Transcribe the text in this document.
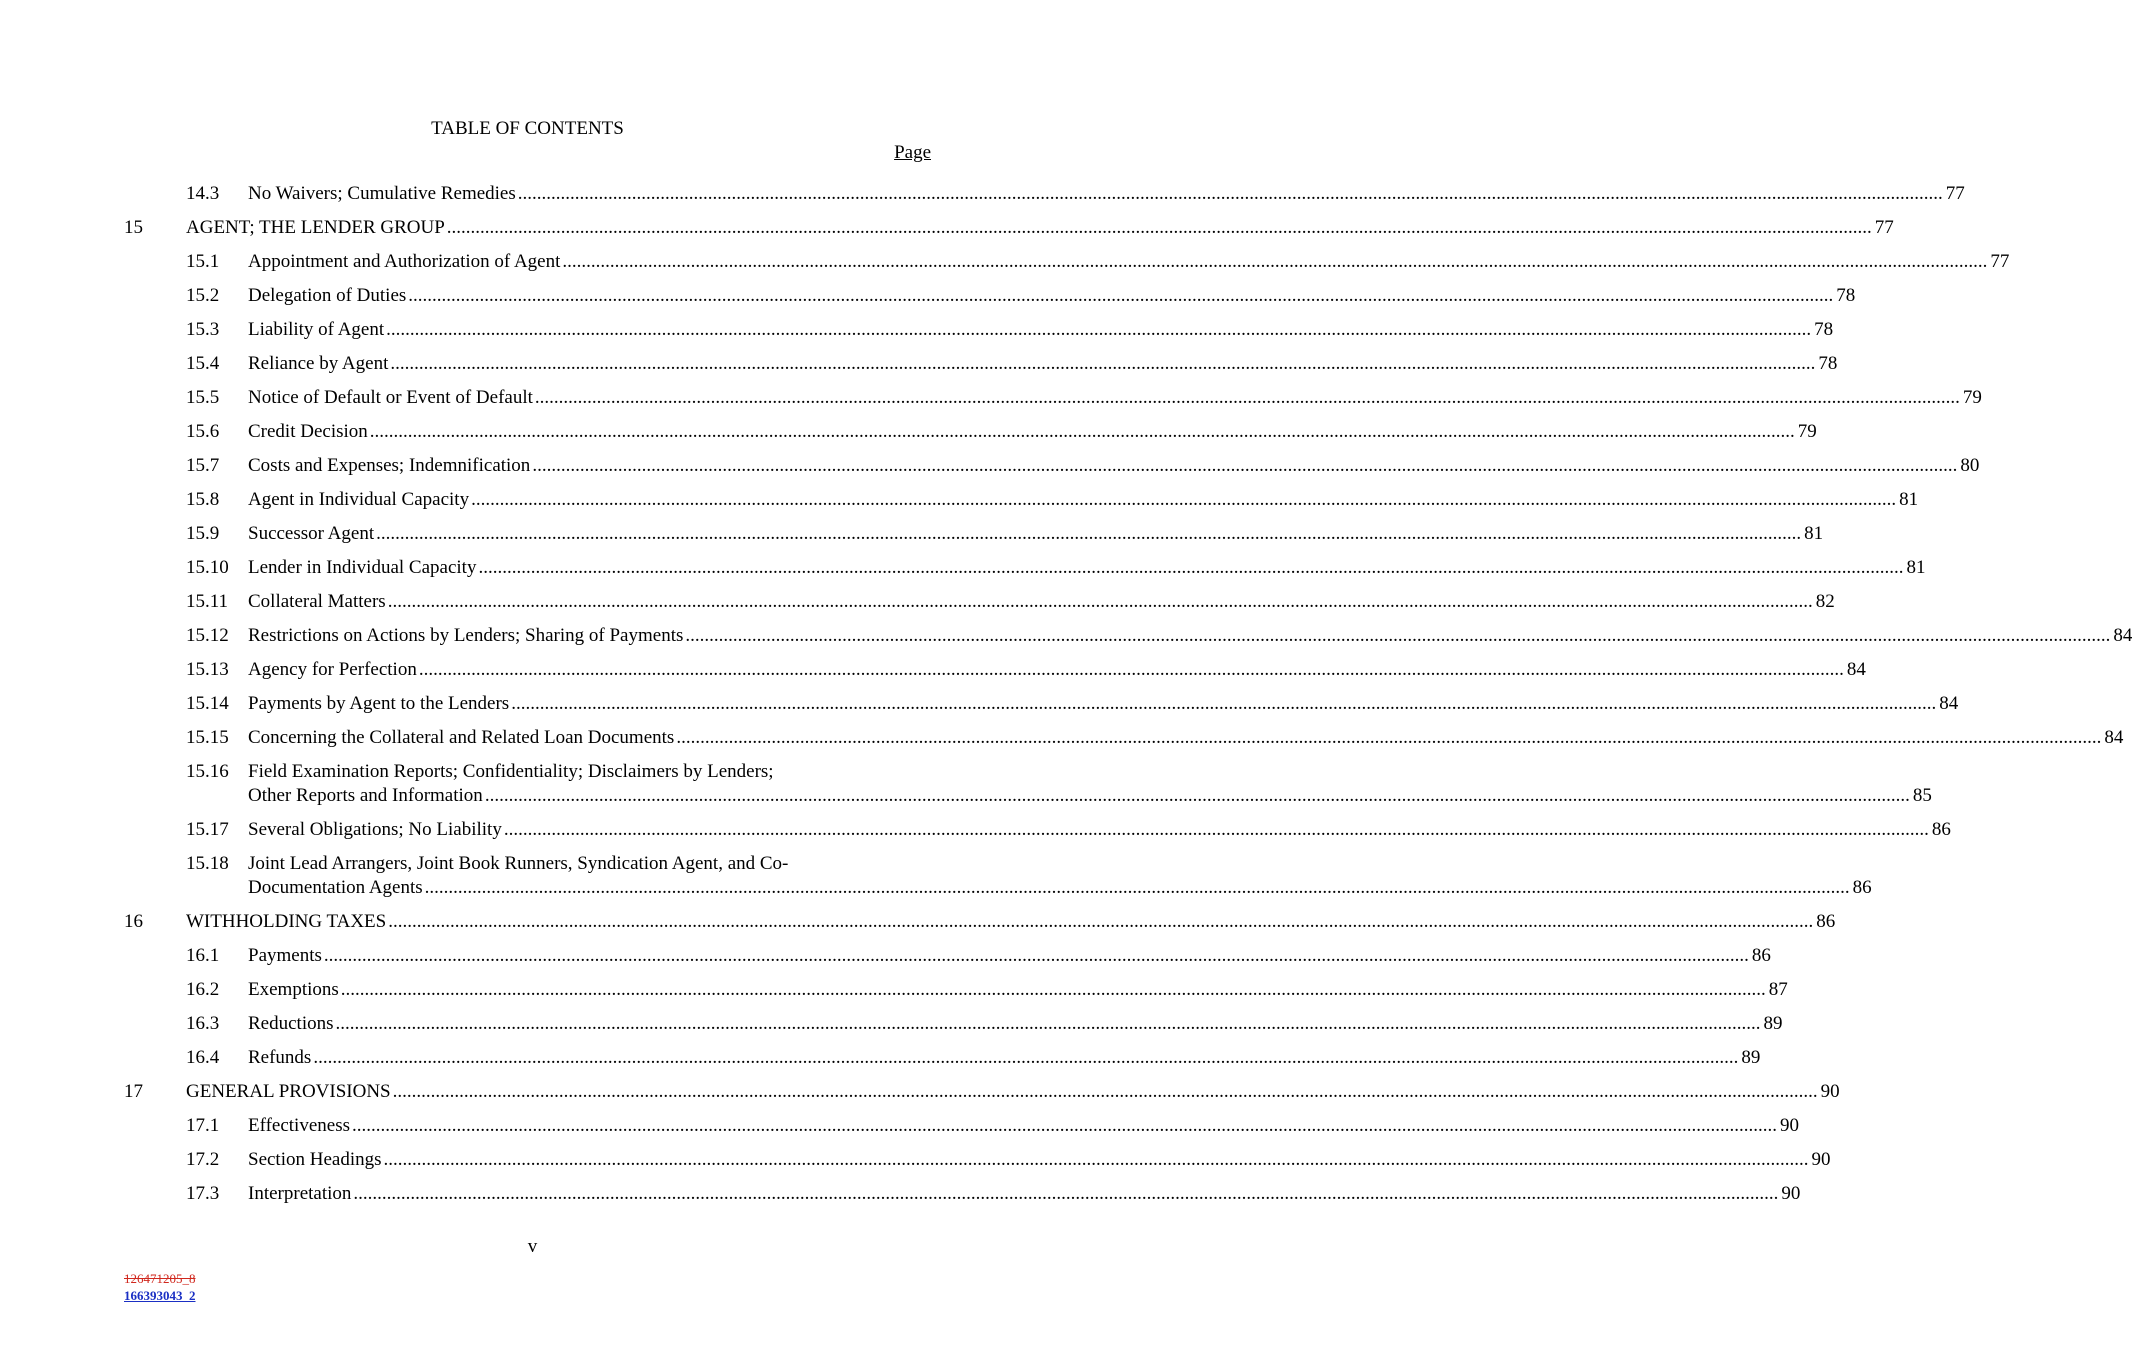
TABLE OF CONTENTS
Page
14.3 No Waivers; Cumulative Remedies ............................................................................................................................................................................................................................................................................................................ 77
15 AGENT; THE LENDER GROUP ............................................................................................................................................................................................................................................................................................................ 77
15.1 Appointment and Authorization of Agent ............................................................................................................................................................................................................................................................................................................ 77
15.2 Delegation of Duties ............................................................................................................................................................................................................................................................................................................ 78
15.3 Liability of Agent ............................................................................................................................................................................................................................................................................................................ 78
15.4 Reliance by Agent ............................................................................................................................................................................................................................................................................................................ 78
15.5 Notice of Default or Event of Default ............................................................................................................................................................................................................................................................................................................ 79
15.6 Credit Decision ............................................................................................................................................................................................................................................................................................................ 79
15.7 Costs and Expenses; Indemnification ............................................................................................................................................................................................................................................................................................................ 80
15.8 Agent in Individual Capacity ............................................................................................................................................................................................................................................................................................................ 81
15.9 Successor Agent ............................................................................................................................................................................................................................................................................................................ 81
15.10 Lender in Individual Capacity ............................................................................................................................................................................................................................................................................................................ 81
15.11 Collateral Matters ............................................................................................................................................................................................................................................................................................................ 82
15.12 Restrictions on Actions by Lenders; Sharing of Payments ............................................................................................................................................................................................................................................................................................................ 84
15.13 Agency for Perfection ............................................................................................................................................................................................................................................................................................................ 84
15.14 Payments by Agent to the Lenders ............................................................................................................................................................................................................................................................................................................ 84
15.15 Concerning the Collateral and Related Loan Documents ............................................................................................................................................................................................................................................................................................................ 84
15.16 Field Examination Reports; Confidentiality; Disclaimers by Lenders;
Other Reports and Information ............................................................................................................................................................................................................................................................................................................ 85
15.17 Several Obligations; No Liability ............................................................................................................................................................................................................................................................................................................ 86
15.18 Joint Lead Arrangers, Joint Book Runners, Syndication Agent, and Co-
Documentation Agents ............................................................................................................................................................................................................................................................................................................ 86
16 WITHHOLDING TAXES ............................................................................................................................................................................................................................................................................................................ 86
16.1 Payments ............................................................................................................................................................................................................................................................................................................ 86
16.2 Exemptions ............................................................................................................................................................................................................................................................................................................ 87
16.3 Reductions ............................................................................................................................................................................................................................................................................................................ 89
16.4 Refunds ............................................................................................................................................................................................................................................................................................................ 89
17 GENERAL PROVISIONS ............................................................................................................................................................................................................................................................................................................ 90
17.1 Effectiveness ............................................................................................................................................................................................................................................................................................................ 90
17.2 Section Headings ............................................................................................................................................................................................................................................................................................................ 90
17.3 Interpretation ............................................................................................................................................................................................................................................................................................................ 90
v
126471205_8
166393043_2
